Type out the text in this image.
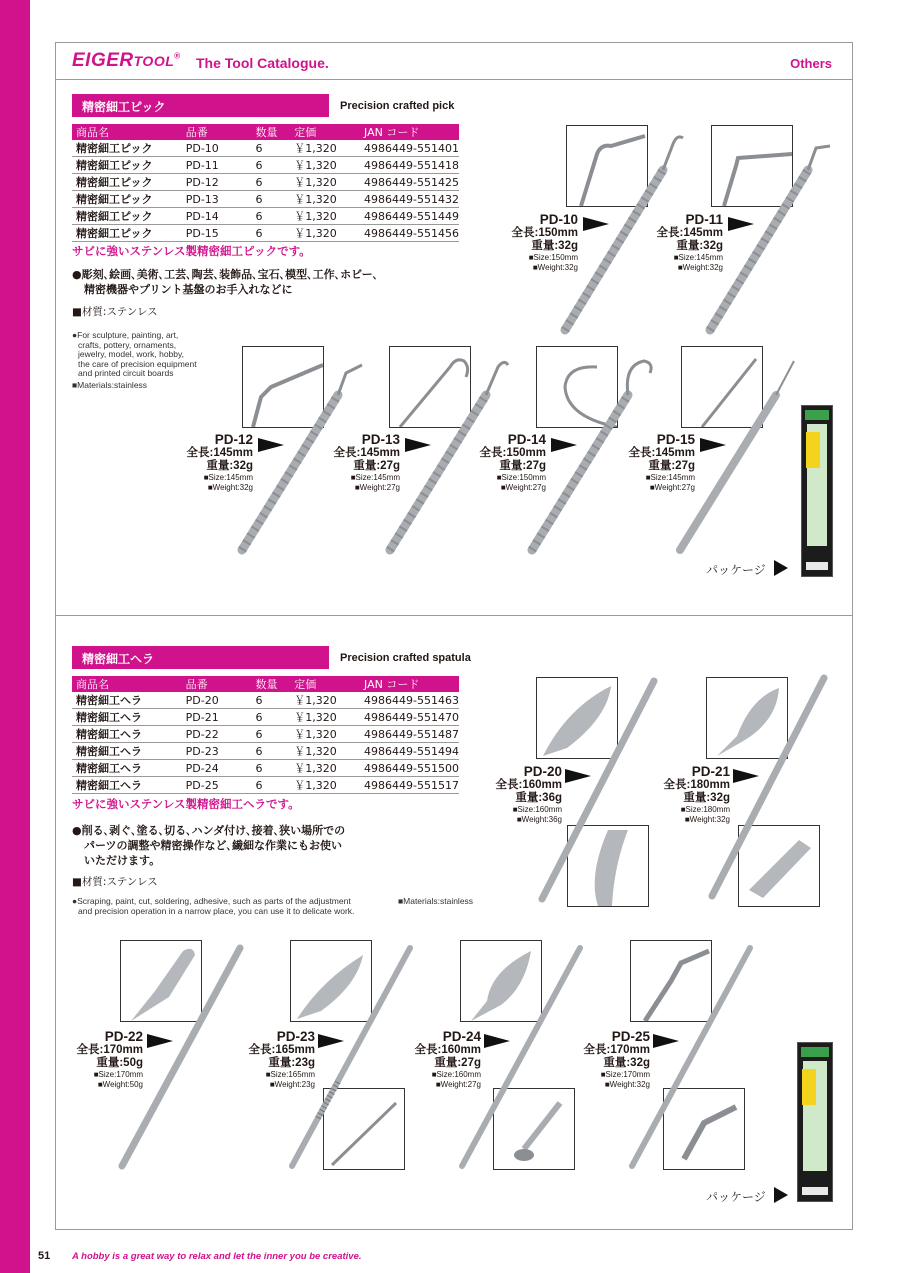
EIGERTOOL® The Tool Catalogue.	Others
精密細工ピック	Precision crafted pick
商品名	品番	数量	定価	JAN コード
精密細工ピック	PD-10	6	￥1,320	4986449-551401
精密細工ピック	PD-11	6	￥1,320	4986449-551418
精密細工ピック	PD-12	6	￥1,320	4986449-551425
精密細工ピック	PD-13	6	￥1,320	4986449-551432
精密細工ピック	PD-14	6	￥1,320	4986449-551449
精密細工ピック	PD-15	6	￥1,320	4986449-551456
サビに強いステンレス製精密細工ピックです。
●彫刻､絵画､美術､工芸､陶芸､装飾品､宝石､模型､工作､ホビー､
精密機器やプリント基盤のお手入れなどに
■材質:ステンレス
●For sculpture, painting, art,
crafts, pottery, ornaments,
jewelry, model, work, hobby,
the care of precision equipment
and printed circuit boards
■Materials:stainless
PD-10
全長:150mm
重量:32g
■Size:150mm
■Weight:32g
PD-11
全長:145mm
重量:32g
■Size:145mm
■Weight:32g
PD-12
全長:145mm
重量:32g
■Size:145mm
■Weight:32g
PD-13
全長:145mm
重量:27g
■Size:145mm
■Weight:27g
PD-14
全長:150mm
重量:27g
■Size:150mm
■Weight:27g
PD-15
全長:145mm
重量:27g
■Size:145mm
■Weight:27g
パッケージ
精密細工ヘラ	Precision crafted spatula
商品名	品番	数量	定価	JAN コード
精密細工ヘラ	PD-20	6	￥1,320	4986449-551463
精密細工ヘラ	PD-21	6	￥1,320	4986449-551470
精密細工ヘラ	PD-22	6	￥1,320	4986449-551487
精密細工ヘラ	PD-23	6	￥1,320	4986449-551494
精密細工ヘラ	PD-24	6	￥1,320	4986449-551500
精密細工ヘラ	PD-25	6	￥1,320	4986449-551517
サビに強いステンレス製精密細工ヘラです。
●削る､剥ぐ､塗る､切る､ハンダ付け､接着､狭い場所での
パーツの調整や精密操作など､繊細な作業にもお使い
いただけます。
■材質:ステンレス
●Scraping, paint, cut, soldering, adhesive, such as parts of the adjustment
and precision operation in a narrow place, you can use it to delicate work.
■Materials:stainless
PD-20
全長:160mm
重量:36g
■Size:160mm
■Weight:36g
PD-21
全長:180mm
重量:32g
■Size:180mm
■Weight:32g
PD-22
全長:170mm
重量:50g
■Size:170mm
■Weight:50g
PD-23
全長:165mm
重量:23g
■Size:165mm
■Weight:23g
PD-24
全長:160mm
重量:27g
■Size:160mm
■Weight:27g
PD-25
全長:170mm
重量:32g
■Size:170mm
■Weight:32g
パッケージ
51 A hobby is a great way to relax and let the inner you be creative.
